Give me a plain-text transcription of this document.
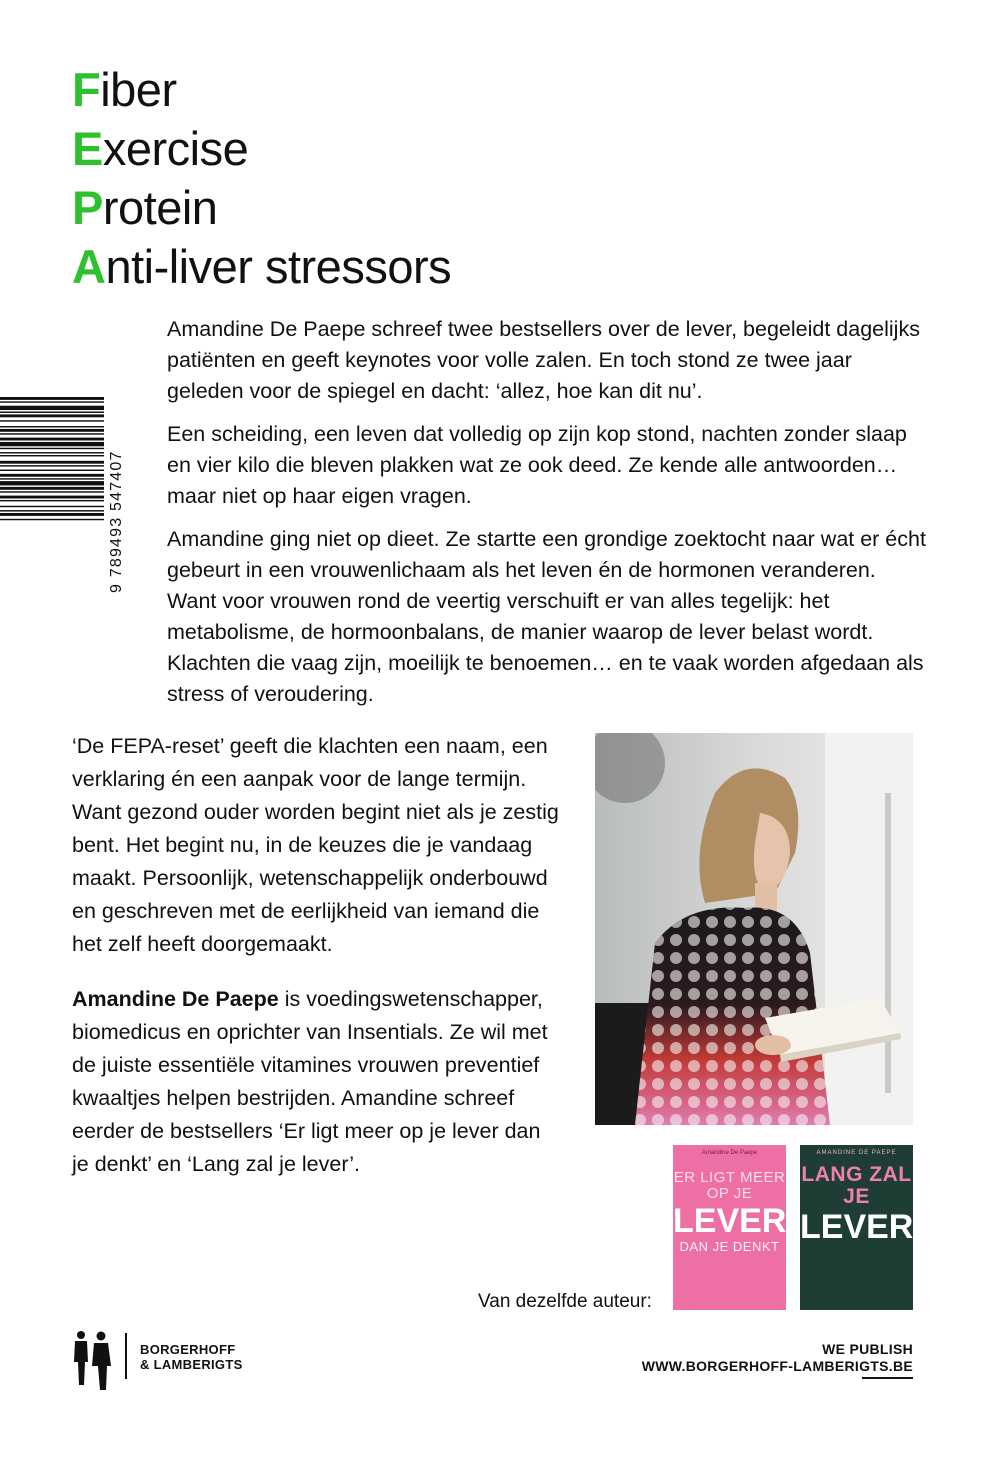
Fiber
Exercise
Protein
Anti-liver stressors

Amandine De Paepe schreef twee bestsellers over de lever, begeleidt dagelijks patiënten en geeft keynotes voor volle zalen. En toch stond ze twee jaar geleden voor de spiegel en dacht: ‘allez, hoe kan dit nu’.

Een scheiding, een leven dat volledig op zijn kop stond, nachten zonder slaap en vier kilo die bleven plakken wat ze ook deed. Ze kende alle antwoorden… maar niet op haar eigen vragen.

Amandine ging niet op dieet. Ze startte een grondige zoektocht naar wat er écht gebeurt in een vrouwenlichaam als het leven én de hormonen veranderen. Want voor vrouwen rond de veertig verschuift er van alles tegelijk: het metabolisme, de hormoonbalans, de manier waarop de lever belast wordt. Klachten die vaag zijn, moeilijk te benoemen… en te vaak worden afgedaan als stress of veroudering.

9 789493 547407

‘De FEPA-reset’ geeft die klachten een naam, een verklaring én een aanpak voor de lange termijn. Want gezond ouder worden begint niet als je zestig bent. Het begint nu, in de keuzes die je vandaag maakt. Persoonlijk, wetenschappelijk onderbouwd en geschreven met de eerlijkheid van iemand die het zelf heeft doorgemaakt.

Amandine De Paepe is voedingswetenschapper, biomedicus en oprichter van Insentials. Ze wil met de juiste essentiële vitamines vrouwen preventief kwaaltjes helpen bestrijden. Amandine schreef eerder de bestsellers ‘Er ligt meer op je lever dan je denkt’ en ‘Lang zal je lever’.

Van dezelfde auteur:
Amandine De Paepe
ER LIGT MEER OP JE
LEVER
DAN JE DENKT
AMANDINE DE PAEPE
LANG ZAL JE
LEVER
BORGERHOFF
& LAMBERIGTS
WE PUBLISH
WWW.BORGERHOFF-LAMBERIGTS.BE
